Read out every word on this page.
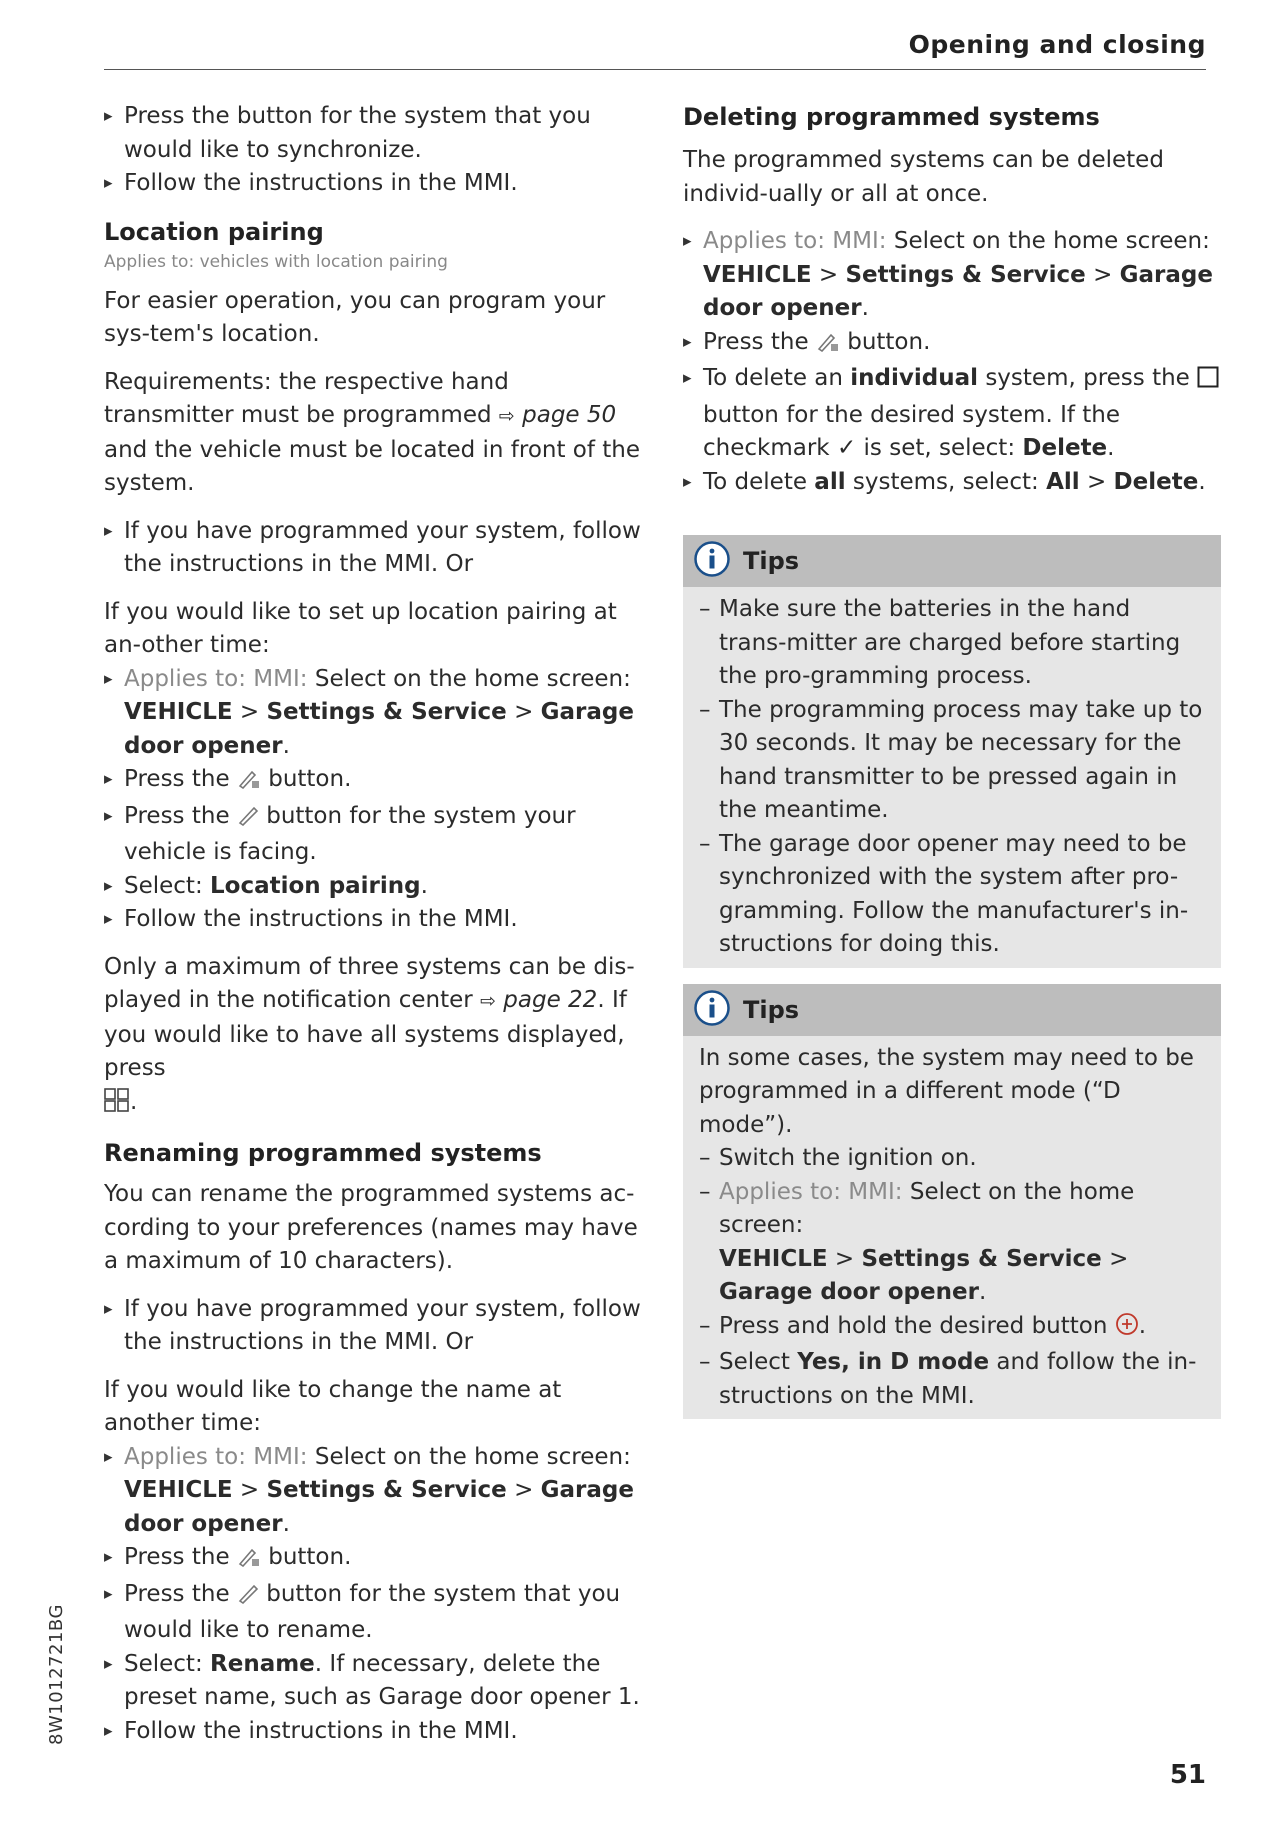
Opening and closing
▸ Press the button for the system that you would like to synchronize.
▸ Follow the instructions in the MMI.

Location pairing

Applies to: vehicles with location pairing

For easier operation, you can program your sys-tem's location.

Requirements: the respective hand transmitter must be programmed ⇨ page 50 and the vehicle must be located in front of the system.

▸ If you have programmed your system, follow the instructions in the MMI. Or

If you would like to set up location pairing at an-other time:

▸ Applies to: MMI: Select on the home screen:
VEHICLE > Settings & Service > Garage door opener.
▸ Press the button.
▸ Press the button for the system your vehicle is facing.
▸ Select: Location pairing.
▸ Follow the instructions in the MMI.

Only a maximum of three systems can be dis-played in the notification center ⇨ page 22. If you would like to have all systems displayed, press
.

Renaming programmed systems

You can rename the programmed systems ac-cording to your preferences (names may have a maximum of 10 characters).

▸ If you have programmed your system, follow the instructions in the MMI. Or

If you would like to change the name at another time:

▸ Applies to: MMI: Select on the home screen:
VEHICLE > Settings & Service > Garage door opener.
▸ Press the button.
▸ Press the button for the system that you would like to rename.
▸ Select: Rename. If necessary, delete the preset name, such as Garage door opener 1.
▸ Follow the instructions in the MMI.

Deleting programmed systems

The programmed systems can be deleted individ-ually or all at once.

▸ Applies to: MMI: Select on the home screen:
VEHICLE > Settings & Service > Garage door opener.
▸ Press the button.
▸ To delete an individual system, press the  button for the desired system. If the checkmark ✓ is set, select: Delete.
▸ To delete all systems, select: All > Delete.
Tips
– Make sure the batteries in the hand trans-mitter are charged before starting the pro-gramming process.
– The programming process may take up to 30 seconds. It may be necessary for the hand transmitter to be pressed again in the meantime.
– The garage door opener may need to be synchronized with the system after pro-gramming. Follow the manufacturer's in-structions for doing this.
Tips

In some cases, the system may need to be programmed in a different mode (“D mode”).

– Switch the ignition on.
– Applies to: MMI: Select on the home screen:
VEHICLE > Settings & Service > Garage door opener.
– Press and hold the desired button .
– Select Yes, in D mode and follow the in-structions on the MMI.
8W1012721BG
51
